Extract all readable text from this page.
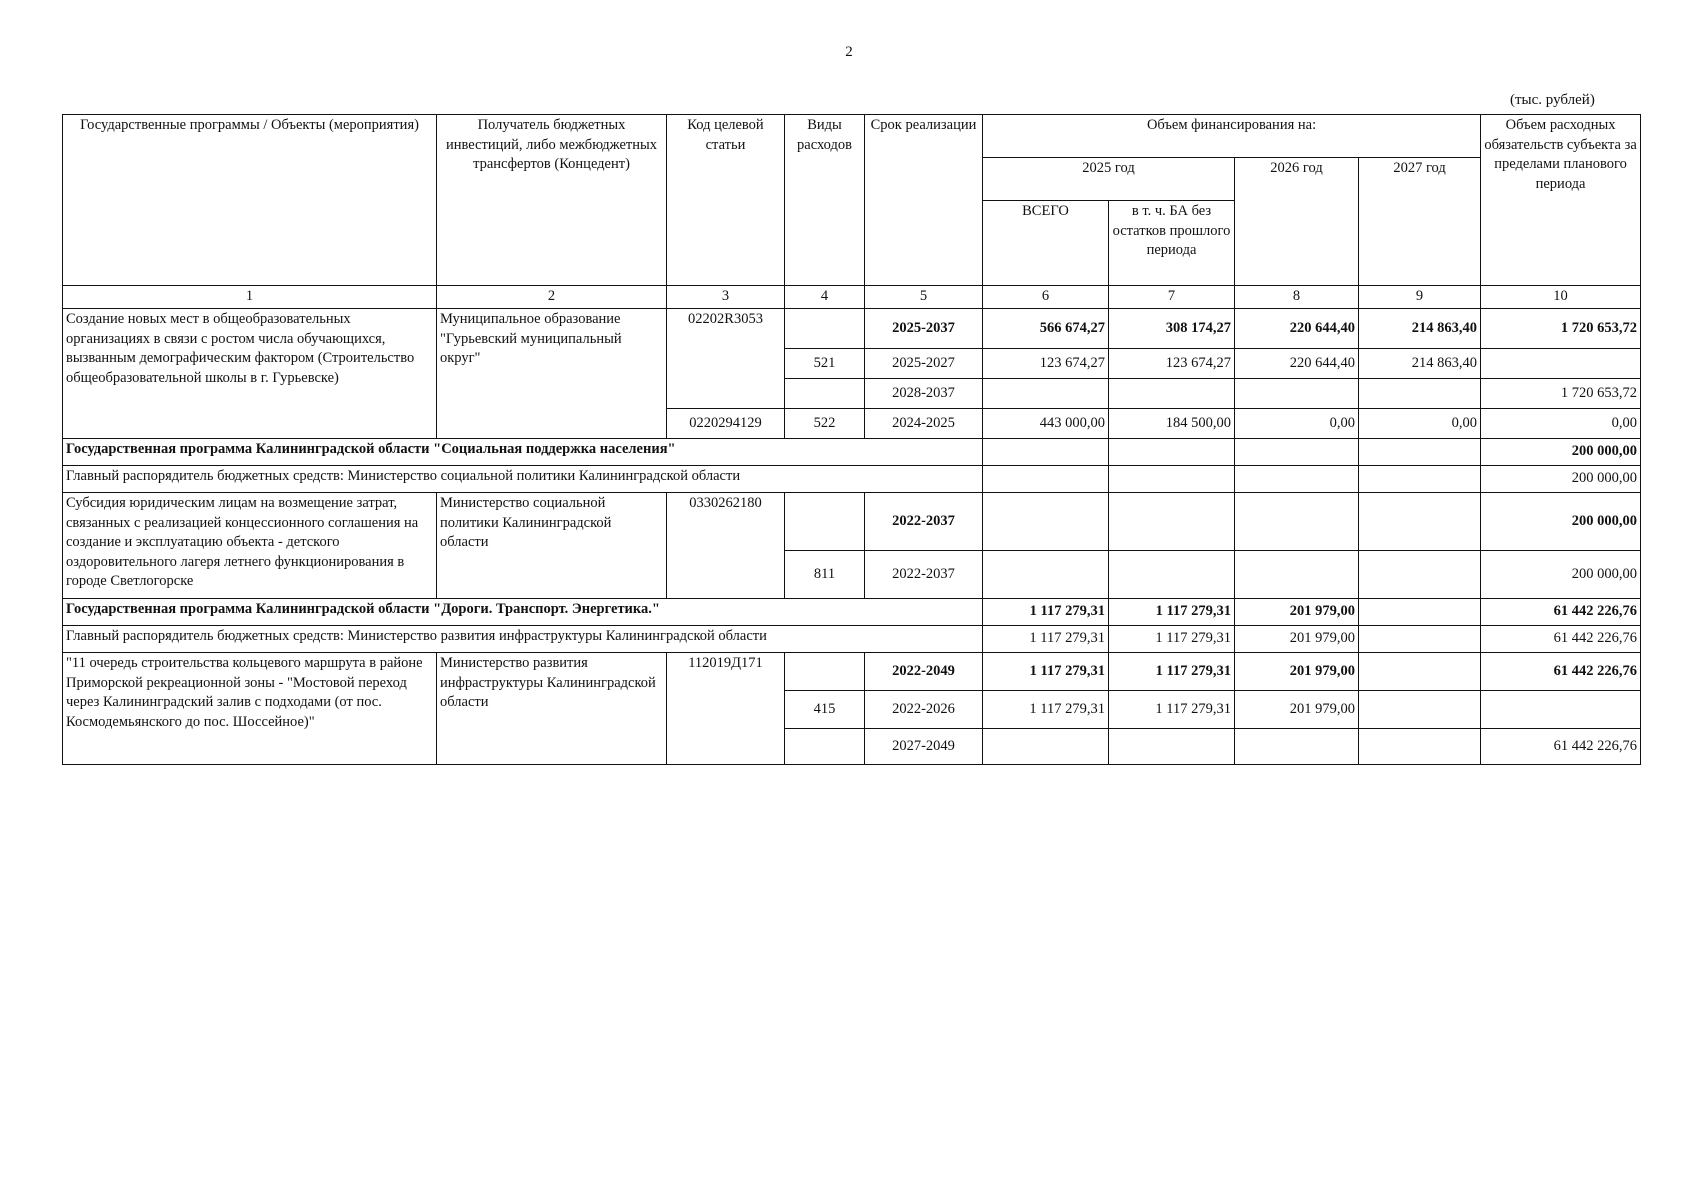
2
(тыс. рублей)
Государственные программы / Объекты (мероприятия)	Получатель бюджетных инвестиций, либо межбюджетных трансфертов (Концедент)	Код целевой статьи	Виды расходов	Срок реализации	Объем финансирования на:				Объем расходных обязательств субъекта за пределами планового периода
					2025 год		2026 год	2027 год	
					ВСЕГО	в т. ч. БА без остатков прошлого периода			
1	2	3	4	5	6	7	8	9	10
Создание новых мест в общеобразовательных организациях в связи с ростом числа обучающихся, вызванным демографическим фактором (Строительство общеобразовательной школы в г. Гурьевске)	Муниципальное образование "Гурьевский муниципальный округ"	02202R3053		2025-2037	566 674,27	308 174,27	220 644,40	214 863,40	1 720 653,72
			521	2025-2027	123 674,27	123 674,27	220 644,40	214 863,40	
				2028-2037					1 720 653,72
		0220294129	522	2024-2025	443 000,00	184 500,00	0,00	0,00	0,00
Государственная программа Калининградской области "Социальная поддержка населения"									200 000,00
Главный распорядитель бюджетных средств: Министерство социальной политики Калининградской области									200 000,00
Субсидия юридическим лицам на возмещение затрат, связанных с реализацией концессионного соглашения на создание и эксплуатацию объекта - детского оздоровительного лагеря летнего функционирования в городе Светлогорске	Министерство социальной политики Калининградской области	0330262180		2022-2037					200 000,00
			811	2022-2037					200 000,00
Государственная программа Калининградской области "Дороги. Транспорт. Энергетика."					1 117 279,31	1 117 279,31	201 979,00		61 442 226,76
Главный распорядитель бюджетных средств: Министерство развития инфраструктуры Калининградской области					1 117 279,31	1 117 279,31	201 979,00		61 442 226,76
"11 очередь строительства кольцевого маршрута в районе Приморской рекреационной зоны - "Мостовой переход через Калининградский залив с подходами (от пос. Космодемьянского до пос. Шоссейное)"	Министерство развития инфраструктуры Калининградской области	112019Д171		2022-2049	1 117 279,31	1 117 279,31	201 979,00		61 442 226,76
			415	2022-2026	1 117 279,31	1 117 279,31	201 979,00		
				2027-2049					61 442 226,76
